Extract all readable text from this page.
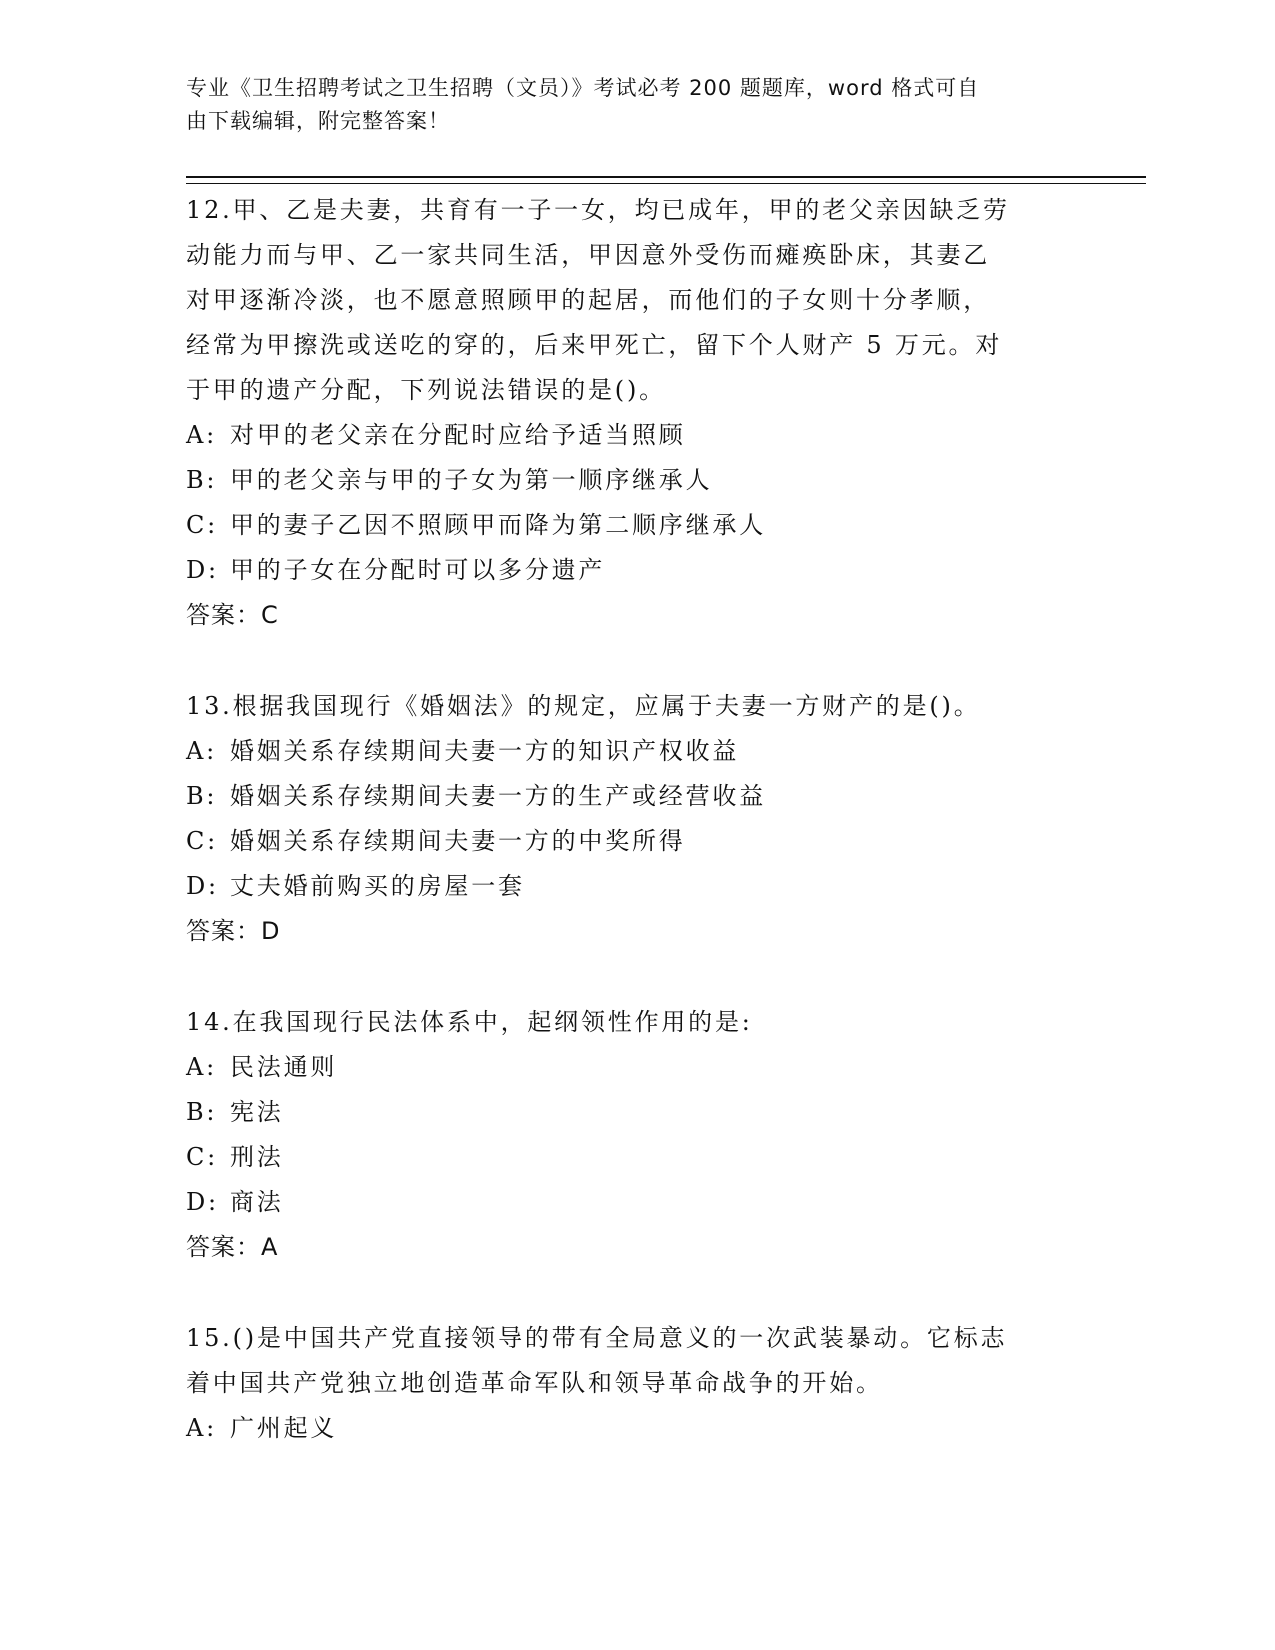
专业《卫生招聘考试之卫生招聘（文员）》考试必考 200 题题库，word 格式可自
由下载编辑，附完整答案！

12.甲、乙是夫妻，共育有一子一女，均已成年，甲的老父亲因缺乏劳

动能力而与甲、乙一家共同生活，甲因意外受伤而瘫痪卧床，其妻乙

对甲逐渐冷淡，也不愿意照顾甲的起居，而他们的子女则十分孝顺，

经常为甲擦洗或送吃的穿的，后来甲死亡，留下个人财产 5 万元。对

于甲的遗产分配，下列说法错误的是()。

A: 对甲的老父亲在分配时应给予适当照顾

B: 甲的老父亲与甲的子女为第一顺序继承人

C: 甲的妻子乙因不照顾甲而降为第二顺序继承人

D: 甲的子女在分配时可以多分遗产

答案：C

13.根据我国现行《婚姻法》的规定，应属于夫妻一方财产的是()。

A: 婚姻关系存续期间夫妻一方的知识产权收益

B: 婚姻关系存续期间夫妻一方的生产或经营收益

C: 婚姻关系存续期间夫妻一方的中奖所得

D: 丈夫婚前购买的房屋一套

答案：D

14.在我国现行民法体系中，起纲领性作用的是:

A: 民法通则

B: 宪法

C: 刑法

D: 商法

答案：A

15.()是中国共产党直接领导的带有全局意义的一次武装暴动。它标志

着中国共产党独立地创造革命军队和领导革命战争的开始。

A: 广州起义
